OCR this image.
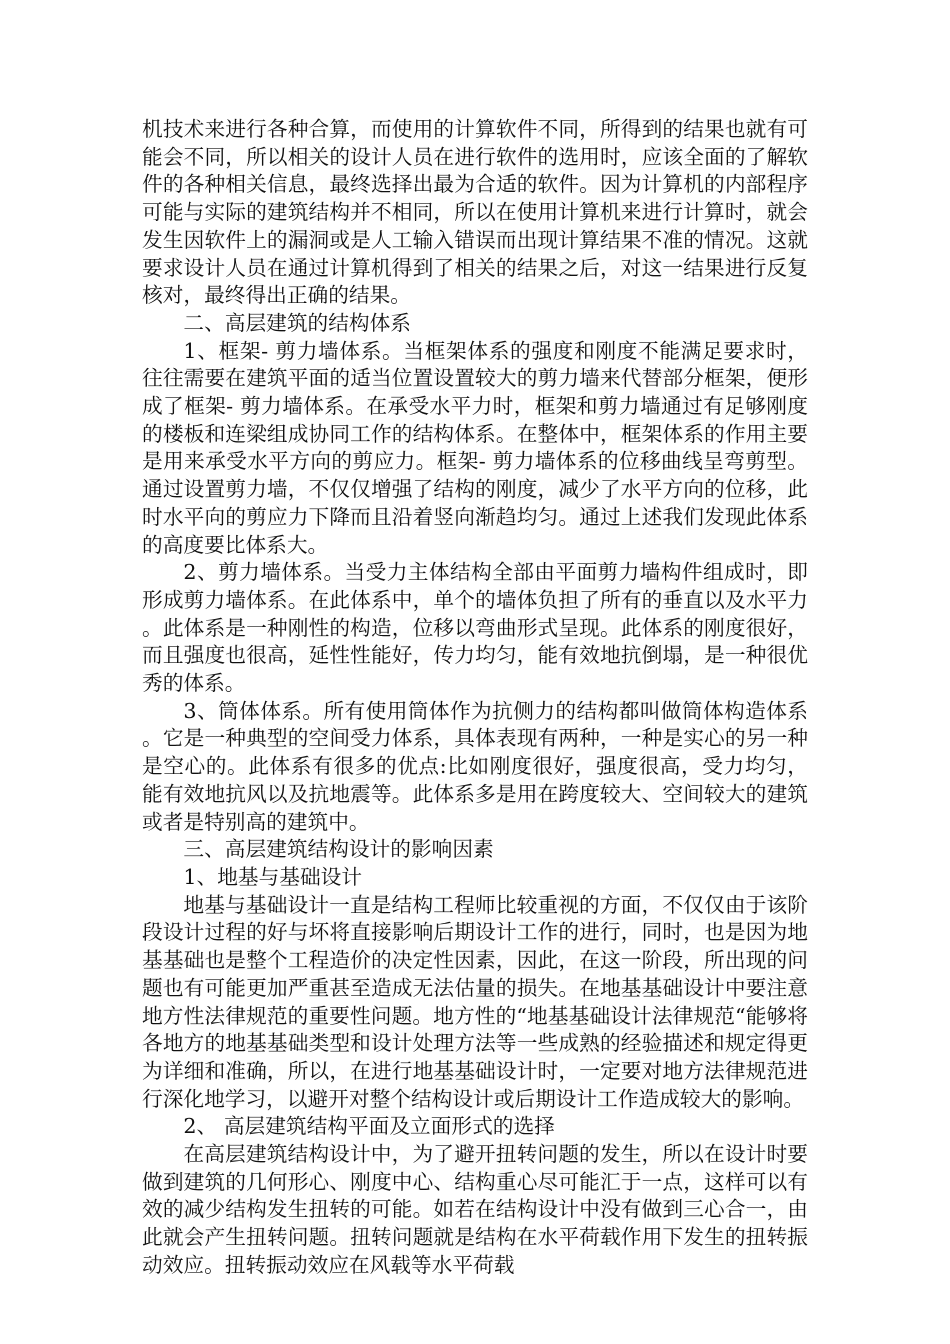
机技术来进行各种合算，而使用的计算软件不同，所得到的结果也就有可能会不同，所以相关的设计人员在进行软件的选用时，应该全面的了解软件的各种相关信息，最终选择出最为合适的软件。因为计算机的内部程序可能与实际的建筑结构并不相同，所以在使用计算机来进行计算时，就会发生因软件上的漏洞或是人工输入错误而出现计算结果不准的情况。这就要求设计人员在通过计算机得到了相关的结果之后，对这一结果进行反复核对，最终得出正确的结果。

二、高层建筑的结构体系

1、框架- 剪力墙体系。当框架体系的强度和刚度不能满足要求时，往往需要在建筑平面的适当位置设置较大的剪力墙来代替部分框架，便形成了框架- 剪力墙体系。在承受水平力时，框架和剪力墙通过有足够刚度的楼板和连梁组成协同工作的结构体系。在整体中，框架体系的作用主要是用来承受水平方向的剪应力。框架- 剪力墙体系的位移曲线呈弯剪型。通过设置剪力墙，不仅仅增强了结构的刚度，减少了水平方向的位移，此时水平向的剪应力下降而且沿着竖向渐趋均匀。通过上述我们发现此体系的高度要比体系大。

2、剪力墙体系。当受力主体结构全部由平面剪力墙构件组成时，即形成剪力墙体系。在此体系中，单个的墙体负担了所有的垂直以及水平力。此体系是一种刚性的构造，位移以弯曲形式呈现。此体系的刚度很好，而且强度也很高，延性性能好，传力均匀，能有效地抗倒塌，是一种很优秀的体系。

3、筒体体系。所有使用筒体作为抗侧力的结构都叫做筒体构造体系。它是一种典型的空间受力体系，具体表现有两种，一种是实心的另一种是空心的。此体系有很多的优点:比如刚度很好，强度很高，受力均匀，能有效地抗风以及抗地震等。此体系多是用在跨度较大、空间较大的建筑或者是特别高的建筑中。

三、高层建筑结构设计的影响因素

1、地基与基础设计

地基与基础设计一直是结构工程师比较重视的方面，不仅仅由于该阶段设计过程的好与坏将直接影响后期设计工作的进行，同时，也是因为地基基础也是整个工程造价的决定性因素，因此，在这一阶段，所出现的问题也有可能更加严重甚至造成无法估量的损失。在地基基础设计中要注意地方性法律规范的重要性问题。地方性的“地基基础设计法律规范“能够将各地方的地基基础类型和设计处理方法等一些成熟的经验描述和规定得更为详细和准确，所以，在进行地基基础设计时，一定要对地方法律规范进行深化地学习，以避开对整个结构设计或后期设计工作造成较大的影响。

2、 高层建筑结构平面及立面形式的选择

在高层建筑结构设计中，为了避开扭转问题的发生，所以在设计时要做到建筑的几何形心、刚度中心、结构重心尽可能汇于一点，这样可以有效的减少结构发生扭转的可能。如若在结构设计中没有做到三心合一，由此就会产生扭转问题。扭转问题就是结构在水平荷载作用下发生的扭转振动效应。扭转振动效应在风载等水平荷载
